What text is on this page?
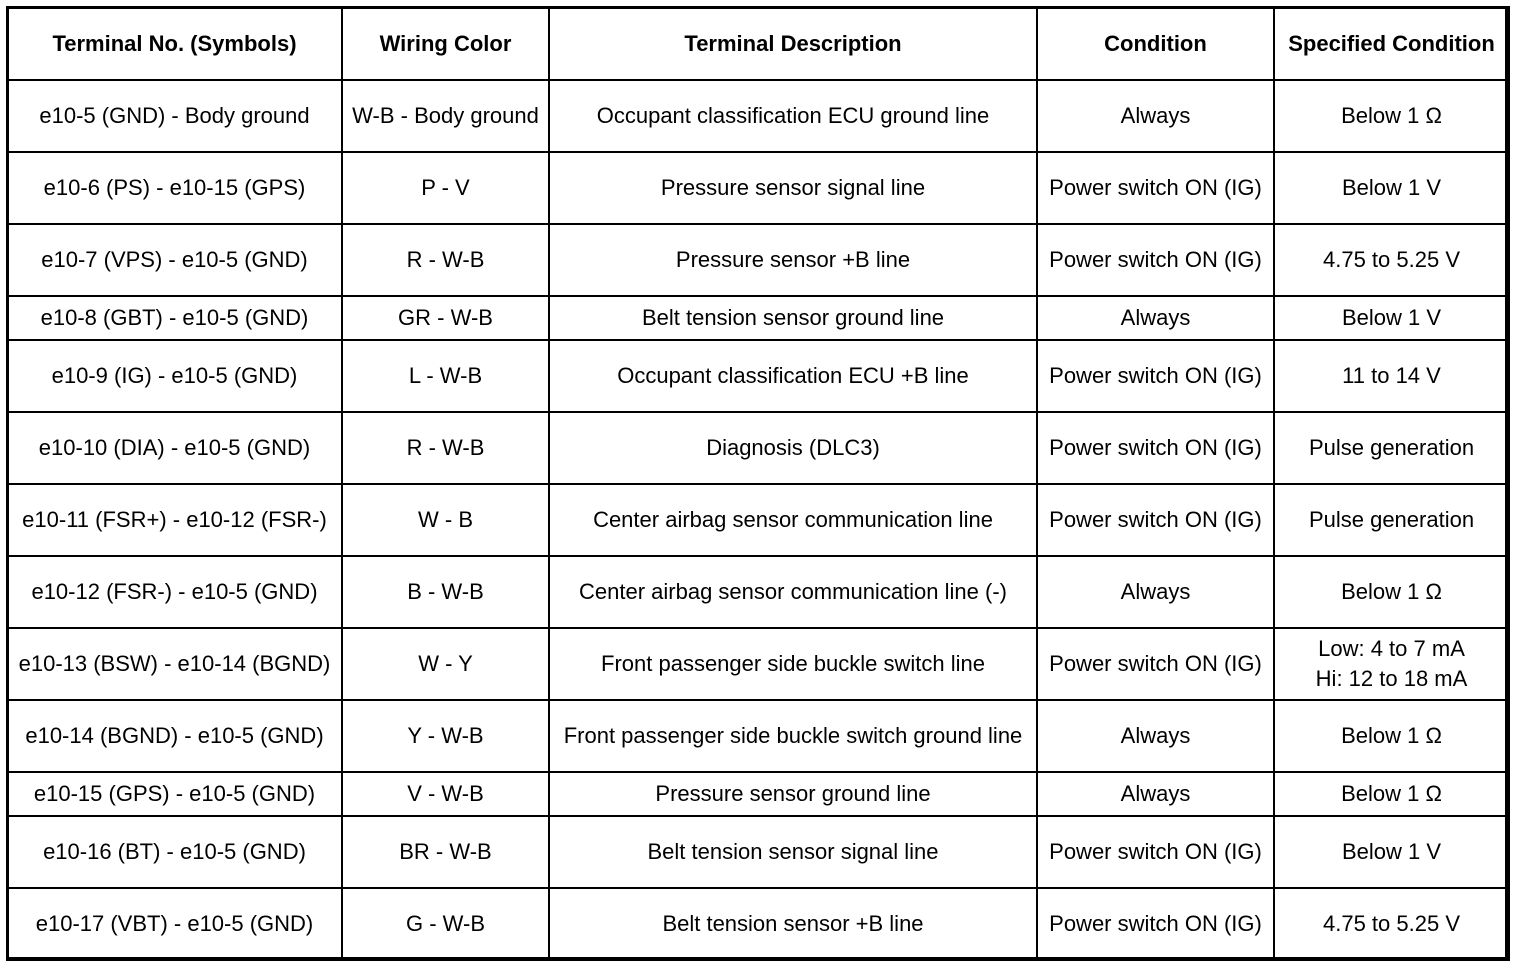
Terminal No. (Symbols)	Wiring Color	Terminal Description	Condition	Specified Condition
e10-5 (GND) - Body ground	W-B - Body ground	Occupant classification ECU ground line	Always	Below 1 Ω
e10-6 (PS) - e10-15 (GPS)	P - V	Pressure sensor signal line	Power switch ON (IG)	Below 1 V
e10-7 (VPS) - e10-5 (GND)	R - W-B	Pressure sensor +B line	Power switch ON (IG)	4.75 to 5.25 V
e10-8 (GBT) - e10-5 (GND)	GR - W-B	Belt tension sensor ground line	Always	Below 1 V
e10-9 (IG) - e10-5 (GND)	L - W-B	Occupant classification ECU +B line	Power switch ON (IG)	11 to 14 V
e10-10 (DIA) - e10-5 (GND)	R - W-B	Diagnosis (DLC3)	Power switch ON (IG)	Pulse generation
e10-11 (FSR+) - e10-12 (FSR-)	W - B	Center airbag sensor communication line	Power switch ON (IG)	Pulse generation
e10-12 (FSR-) - e10-5 (GND)	B - W-B	Center airbag sensor communication line (-)	Always	Below 1 Ω
e10-13 (BSW) - e10-14 (BGND)	W - Y	Front passenger side buckle switch line	Power switch ON (IG)	Low: 4 to 7 mA
Hi: 12 to 18 mA

e10-14 (BGND) - e10-5 (GND)	Y - W-B	Front passenger side buckle switch ground line	Always	Below 1 Ω
e10-15 (GPS) - e10-5 (GND)	V - W-B	Pressure sensor ground line	Always	Below 1 Ω
e10-16 (BT) - e10-5 (GND)	BR - W-B	Belt tension sensor signal line	Power switch ON (IG)	Below 1 V
e10-17 (VBT) - e10-5 (GND)	G - W-B	Belt tension sensor +B line	Power switch ON (IG)	4.75 to 5.25 V
